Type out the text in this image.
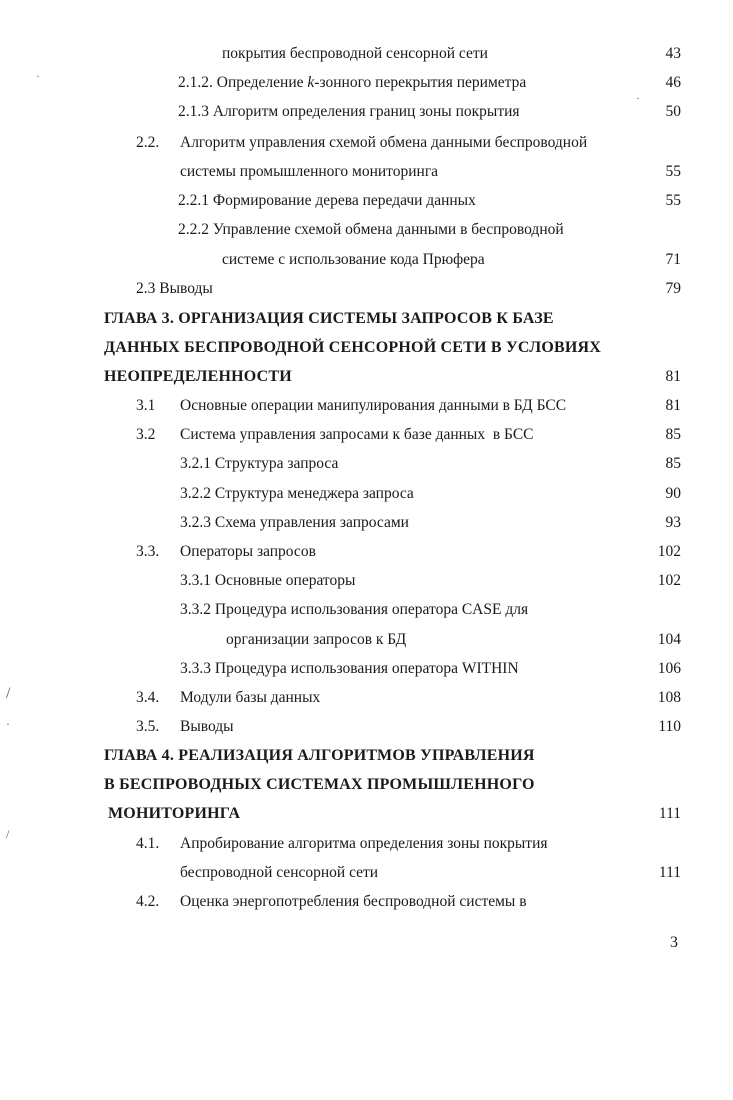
·
·
/
·
/
покрытия беспроводной сенсорной сети	43
2.1.2. Определение k-зонного перекрытия периметра	46
2.1.3 Алгоритм определения границ зоны покрытия	50
2.2. Алгоритм управления схемой обмена данными беспроводной
системы промышленного мониторинга	55
2.2.1 Формирование дерева передачи данных	55
2.2.2 Управление схемой обмена данными в беспроводной
системе с использование кода Прюфера	71
2.3 Выводы	79
ГЛАВА 3. ОРГАНИЗАЦИЯ СИСТЕМЫ ЗАПРОСОВ К БАЗЕ
ДАННЫХ БЕСПРОВОДНОЙ СЕНСОРНОЙ СЕТИ В УСЛОВИЯХ
НЕОПРЕДЕЛЕННОСТИ	81
3.1 Основные операции манипулирования данными в БД БСС	81
3.2 Система управления запросами к базе данных  в БСС	85
3.2.1 Структура запроса	85
3.2.2 Структура менеджера запроса	90
3.2.3 Схема управления запросами	93
3.3. Операторы запросов	102
3.3.1 Основные операторы	102
3.3.2 Процедура использования оператора CASE для
организации запросов к БД	104
3.3.3 Процедура использования оператора WITHIN	106
3.4. Модули базы данных	108
3.5. Выводы	110
ГЛАВА 4. РЕАЛИЗАЦИЯ АЛГОРИТМОВ УПРАВЛЕНИЯ
В БЕСПРОВОДНЫХ СИСТЕМАХ ПРОМЫШЛЕННОГО
МОНИТОРИНГА	111
4.1. Апробирование алгоритма определения зоны покрытия
беспроводной сенсорной сети	111
4.2. Оценка энергопотребления беспроводной системы в
3
